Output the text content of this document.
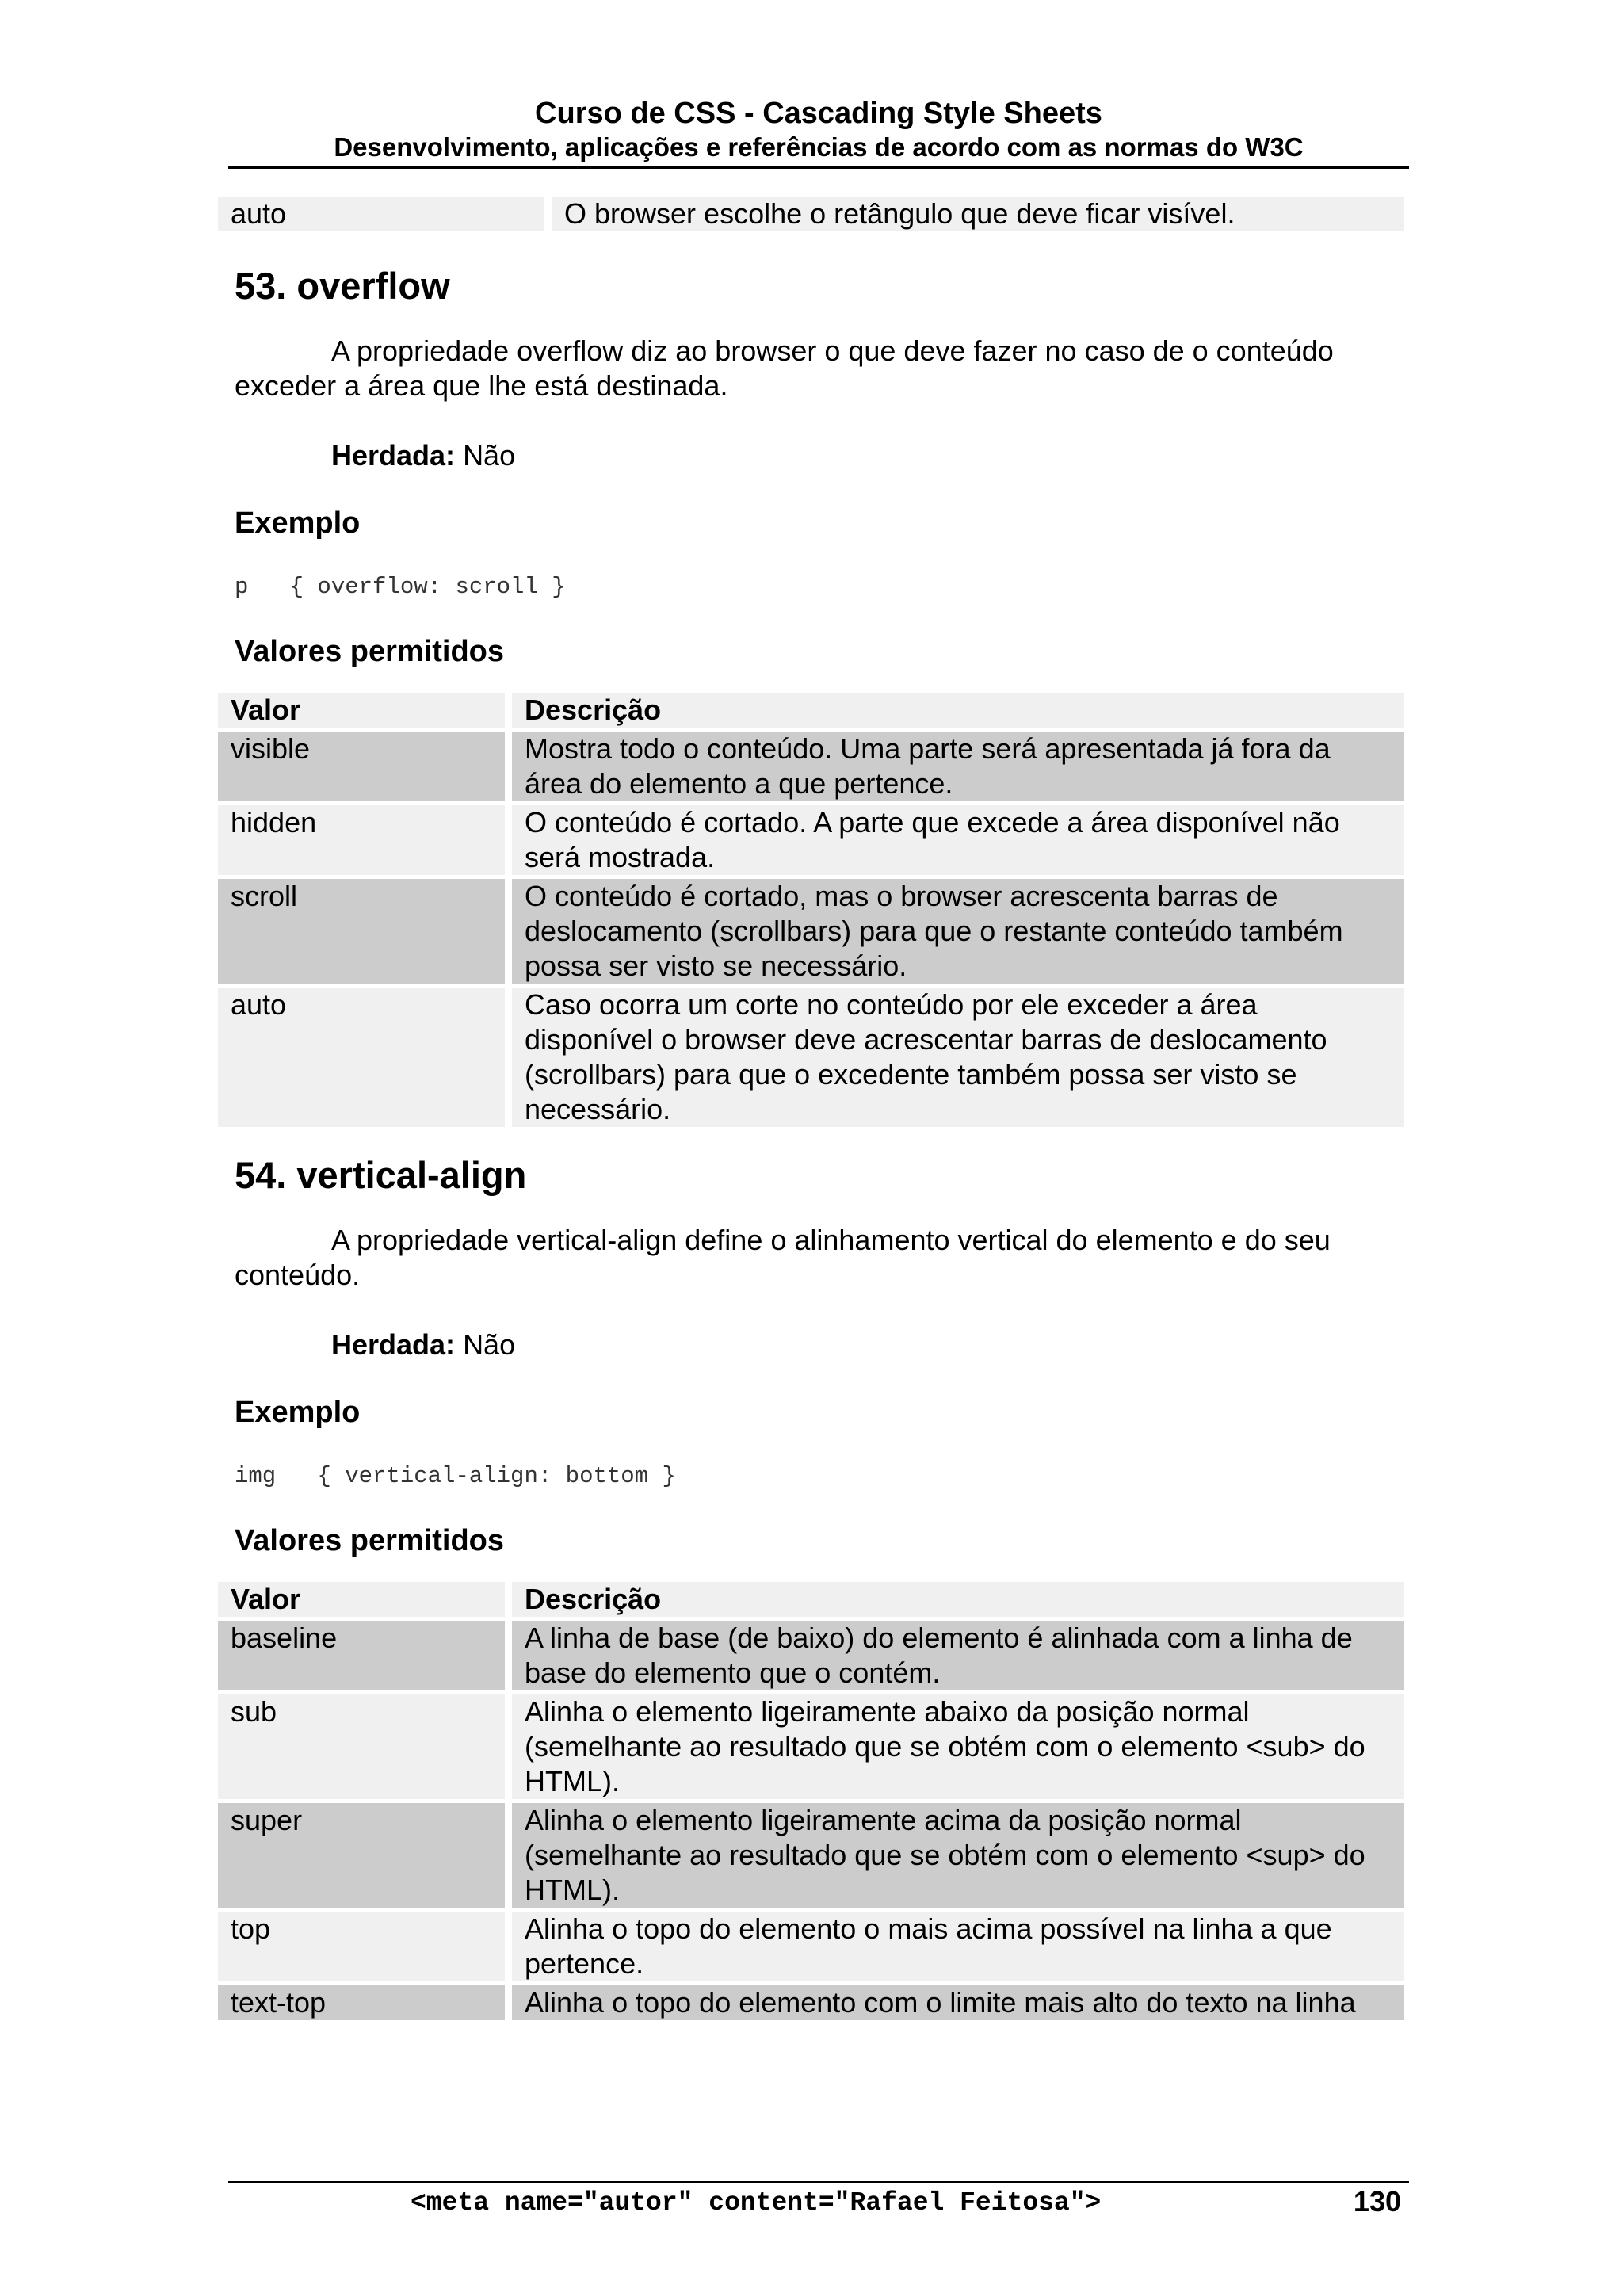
Curso de CSS - Cascading Style Sheets
Desenvolvimento, aplicações e referências de acordo com as normas do W3C
auto	O browser escolhe o retângulo que deve ficar visível.
53. overflow

A propriedade overflow diz ao browser o que deve fazer no caso de o conteúdo exceder a área que lhe está destinada.

Herdada: Não

Exemplo
p   { overflow: scroll }
Valores permitidos
Valor	Descrição
visible	Mostra todo o conteúdo. Uma parte será apresentada já fora da área do elemento a que pertence.
hidden	O conteúdo é cortado. A parte que excede a área disponível não será mostrada.
scroll	O conteúdo é cortado, mas o browser acrescenta barras de deslocamento (scrollbars) para que o restante conteúdo também possa ser visto se necessário.
auto	Caso ocorra um corte no conteúdo por ele exceder a área disponível o browser deve acrescentar barras de deslocamento (scrollbars) para que o excedente também possa ser visto se necessário.
54. vertical-align

A propriedade vertical-align define o alinhamento vertical do elemento e do seu conteúdo.

Herdada: Não

Exemplo
img   { vertical-align: bottom }
Valores permitidos
Valor	Descrição
baseline	A linha de base (de baixo) do elemento é alinhada com a linha de base do elemento que o contém.
sub	Alinha o elemento ligeiramente abaixo da posição normal (semelhante ao resultado que se obtém com o elemento <sub> do HTML).
super	Alinha o elemento ligeiramente acima da posição normal (semelhante ao resultado que se obtém com o elemento <sup> do HTML).
top	Alinha o topo do elemento o mais acima possível na linha a que pertence.
text-top	Alinha o topo do elemento com o limite mais alto do texto na linha
<meta name="autor" content="Rafael Feitosa">	130
